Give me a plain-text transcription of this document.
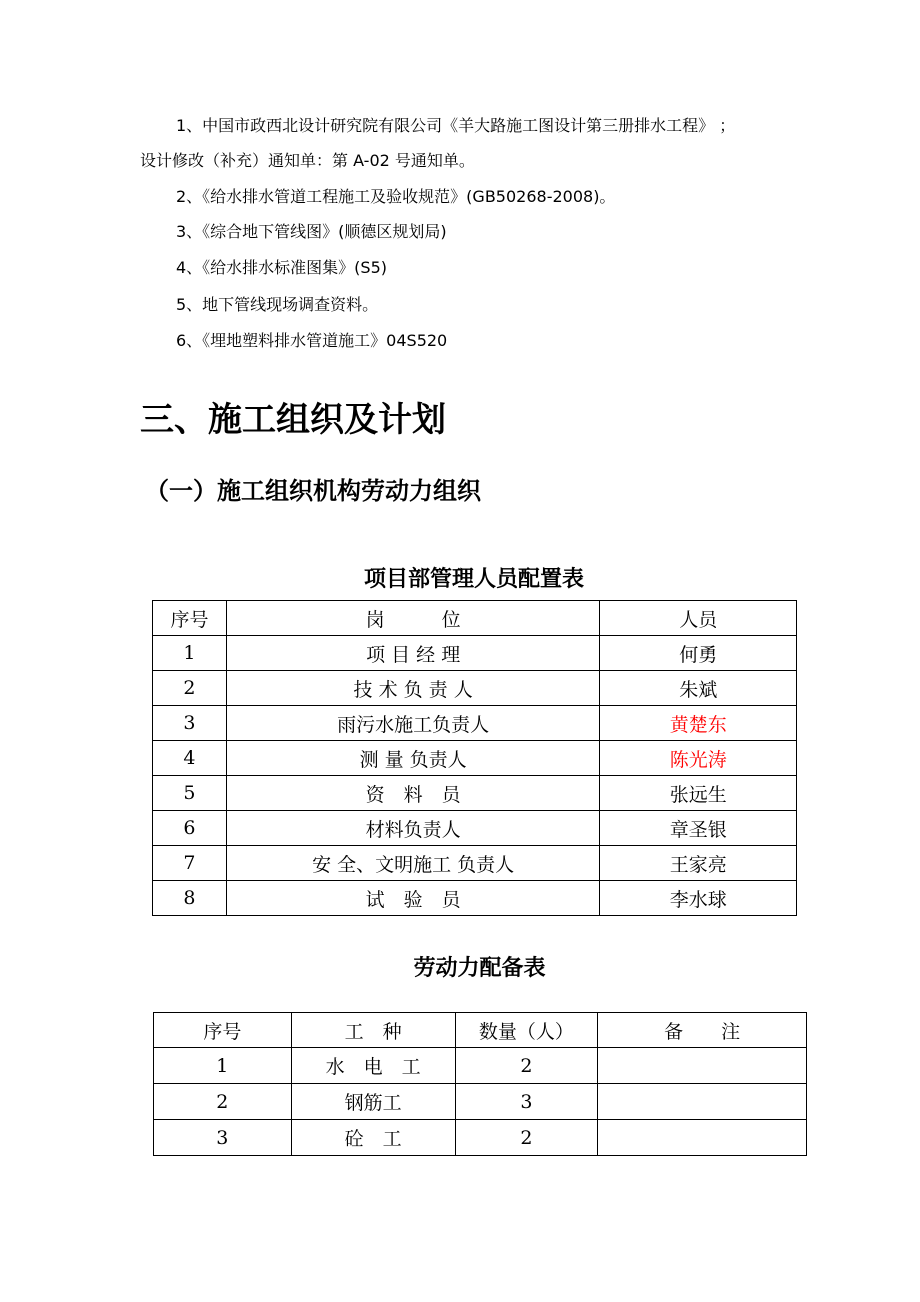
1、中国市政西北设计研究院有限公司《羊大路施工图设计第三册排水工程》 ；
设计修改（补充）通知单：第 A-02 号通知单。
2、《给水排水管道工程施工及验收规范》(GB50268-2008)。
3、《综合地下管线图》(顺德区规划局)
4、《给水排水标准图集》(S5)
5、地下管线现场调查资料。
6、《埋地塑料排水管道施工》04S520
三、施工组织及计划
（一）施工组织机构劳动力组织
项目部管理人员配置表
序号	岗　　　位	人员
1	项 目 经 理	何勇
2	技 术 负 责 人	朱斌
3	雨污水施工负责人	黄楚东
4	测 量 负责人	陈光涛
5	资　料　员	张远生
6	材料负责人	章圣银
7	安 全、文明施工 负责人	王家亮
8	试　验　员	李水球
劳动力配备表
序号	工　种	数量（人）	备　　注
1	水　电　工	2	
2	钢筋工	3	
3	砼　工	2	
